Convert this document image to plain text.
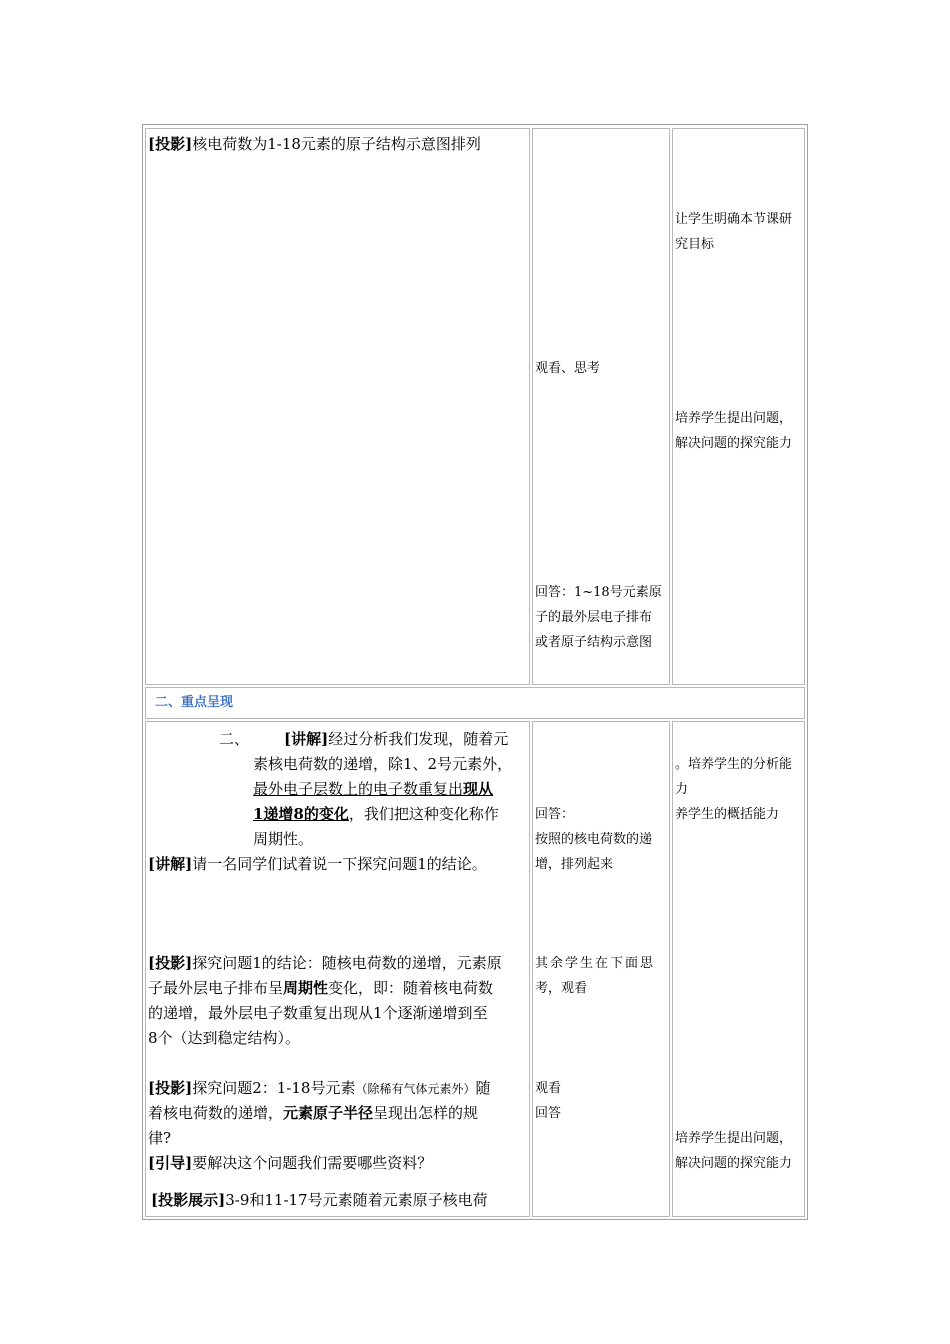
[投影]核电荷数为1-18元素的原子结构示意图排列
观看、思考
回答：1~18号元素原
子的最外层电子排布
或者原子结构示意图
让学生明确本节课研
究目标
培养学生提出问题，
解决问题的探究能力
二、重点呈现
二、 [讲解]经过分析我们发现，随着元
素核电荷数的递增，除1、2号元素外，
最外电子层数上的电子数重复出现从
1递增8的变化，我们把这种变化称作
周期性。
[讲解]请一名同学们试着说一下探究问题1的结论。
[投影]探究问题1的结论：随核电荷数的递增，元素原
子最外层电子排布呈周期性变化，即：随着核电荷数
的递增，最外层电子数重复出现从1个逐渐递增到至
8个（达到稳定结构）。
[投影]探究问题2：1-18号元素（除稀有气体元素外）随
着核电荷数的递增，元素原子半径呈现出怎样的规
律?
[引导]要解决这个问题我们需要哪些资料？
[投影展示]3-9和11-17号元素随着元素原子核电荷
回答：
按照的核电荷数的递
增，排列起来
其余学生在下面思
考，观看
观看
回答
。培养学生的分析能
力
养学生的概括能力
培养学生提出问题，
解决问题的探究能力
